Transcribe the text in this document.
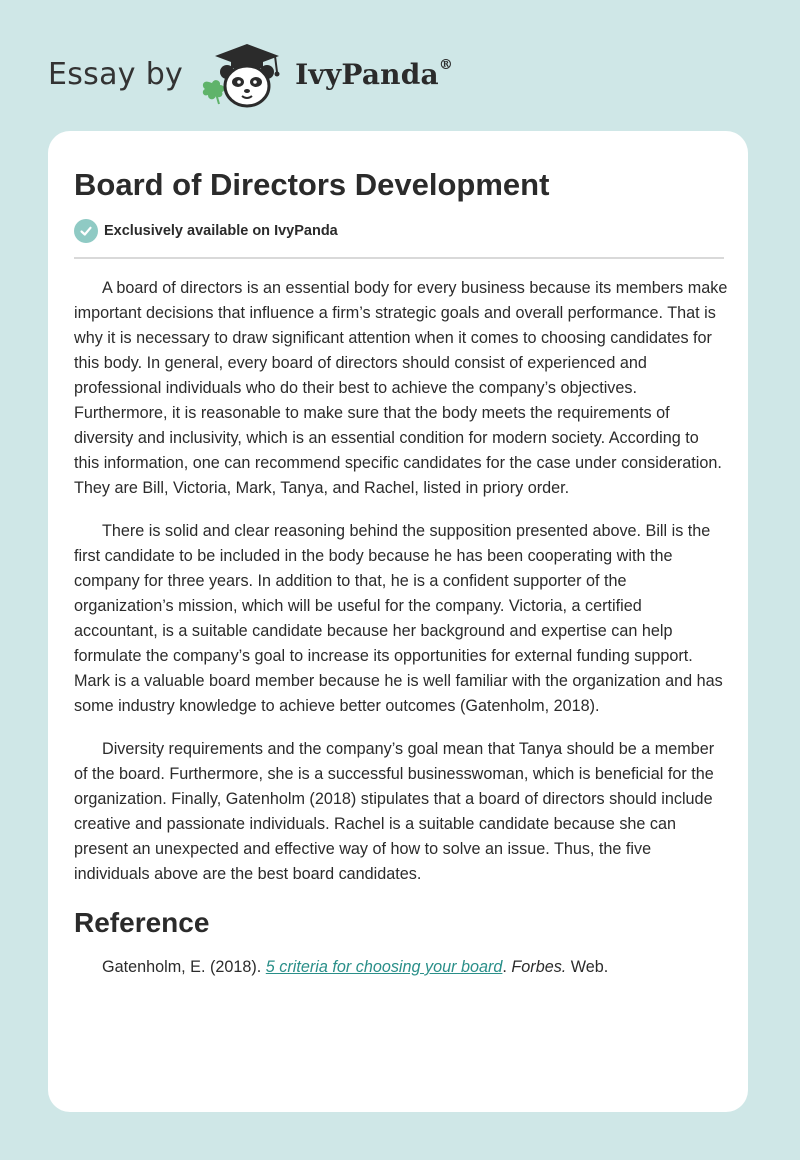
Essay by	IvyPanda®
Board of Directors Development
Exclusively available on IvyPanda

A board of directors is an essential body for every business because its members make important decisions that influence a firm’s strategic goals and overall performance. That is why it is necessary to draw significant attention when it comes to choosing candidates for this body. In general, every board of directors should consist of experienced and professional individuals who do their best to achieve the company’s objectives. Furthermore, it is reasonable to make sure that the body meets the requirements of diversity and inclusivity, which is an essential condition for modern society. According to this information, one can recommend specific candidates for the case under consideration. They are Bill, Victoria, Mark, Tanya, and Rachel, listed in priory order.

There is solid and clear reasoning behind the supposition presented above. Bill is the first candidate to be included in the body because he has been cooperating with the company for three years. In addition to that, he is a confident supporter of the organization’s mission, which will be useful for the company. Victoria, a certified accountant, is a suitable candidate because her background and expertise can help formulate the company’s goal to increase its opportunities for external funding support. Mark is a valuable board member because he is well familiar with the organization and has some industry knowledge to achieve better outcomes (Gatenholm, 2018).

Diversity requirements and the company’s goal mean that Tanya should be a member of the board. Furthermore, she is a successful businesswoman, which is beneficial for the organization. Finally, Gatenholm (2018) stipulates that a board of directors should include creative and passionate individuals. Rachel is a suitable candidate because she can present an unexpected and effective way of how to solve an issue. Thus, the five individuals above are the best board candidates.

Reference

Gatenholm, E. (2018). 5 criteria for choosing your board. Forbes. Web.
